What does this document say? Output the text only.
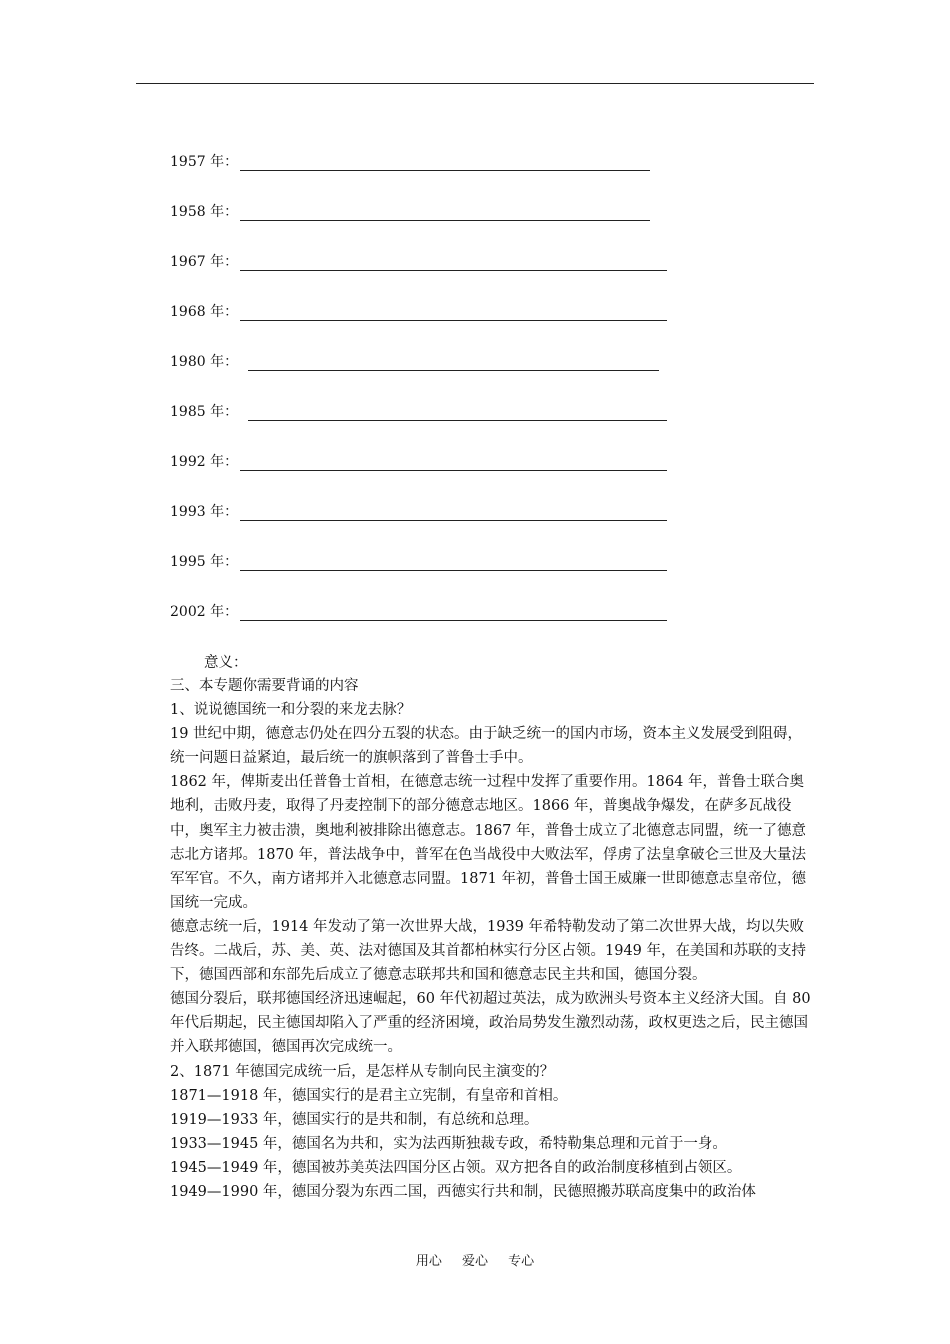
1957 年：
1958 年：
1967 年：
1968 年：
1980 年：
1985 年：
1992 年：
1993 年：
1995 年：
2002 年：
意义：

三、本专题你需要背诵的内容

1、说说德国统一和分裂的来龙去脉？

19 世纪中期，德意志仍处在四分五裂的状态。由于缺乏统一的国内市场，资本主义发展受到阻碍，统一问题日益紧迫，最后统一的旗帜落到了普鲁士手中。

1862 年，俾斯麦出任普鲁士首相，在德意志统一过程中发挥了重要作用。1864 年，普鲁士联合奥地利，击败丹麦，取得了丹麦控制下的部分德意志地区。1866 年，普奥战争爆发，在萨多瓦战役中，奥军主力被击溃，奥地利被排除出德意志。1867 年，普鲁士成立了北德意志同盟，统一了德意志北方诸邦。1870 年，普法战争中，普军在色当战役中大败法军，俘虏了法皇拿破仑三世及大量法军军官。不久，南方诸邦并入北德意志同盟。1871 年初，普鲁士国王威廉一世即德意志皇帝位，德国统一完成。

德意志统一后，1914 年发动了第一次世界大战，1939 年希特勒发动了第二次世界大战，均以失败告终。二战后，苏、美、英、法对德国及其首都柏林实行分区占领。1949 年，在美国和苏联的支持下，德国西部和东部先后成立了德意志联邦共和国和德意志民主共和国，德国分裂。

德国分裂后，联邦德国经济迅速崛起，60 年代初超过英法，成为欧洲头号资本主义经济大国。自 80 年代后期起，民主德国却陷入了严重的经济困境，政治局势发生激烈动荡，政权更迭之后，民主德国并入联邦德国，德国再次完成统一。

2、1871 年德国完成统一后，是怎样从专制向民主演变的？

1871—1918 年，德国实行的是君主立宪制，有皇帝和首相。

1919—1933 年，德国实行的是共和制，有总统和总理。

1933—1945 年，德国名为共和，实为法西斯独裁专政，希特勒集总理和元首于一身。

1945—1949 年，德国被苏美英法四国分区占领。双方把各自的政治制度移植到占领区。

1949—1990 年，德国分裂为东西二国，西德实行共和制，民德照搬苏联高度集中的政治体

用心 爱心 专心
